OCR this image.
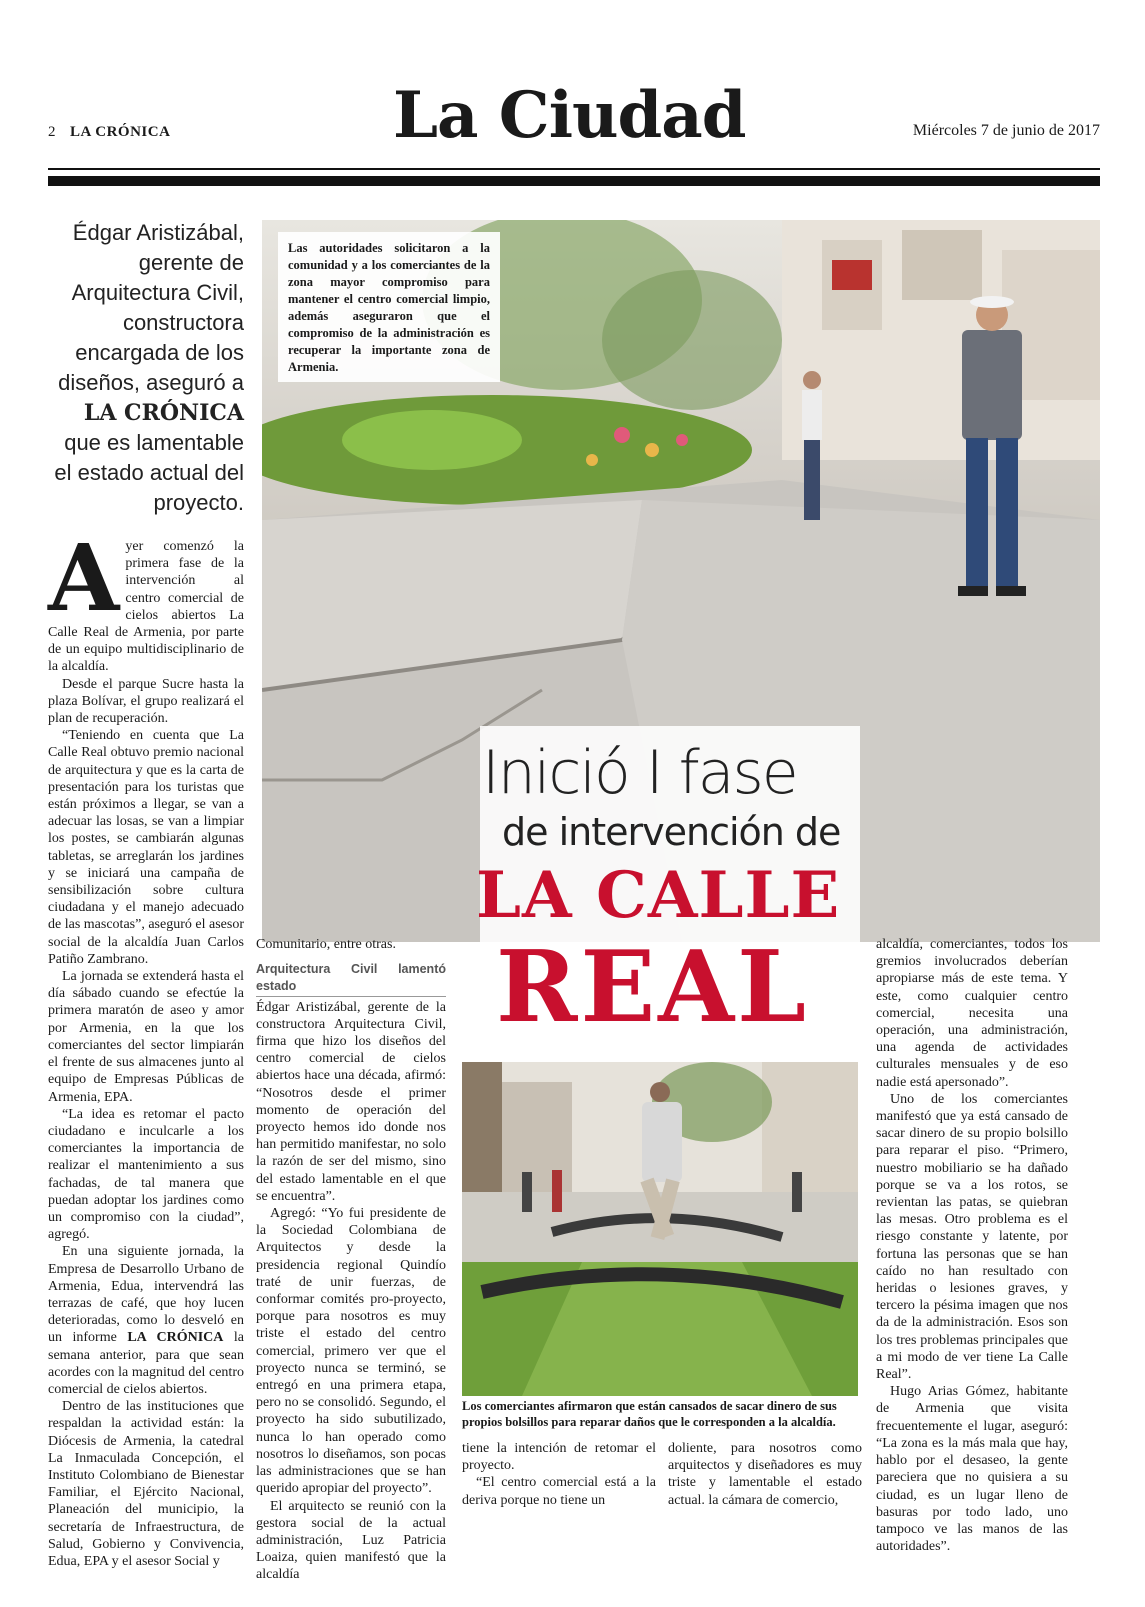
2 LA CRÓNICA	La Ciudad	Miércoles 7 de junio de 2017
Édgar Aristizábal, gerente de Arquitectura Civil, constructora encargada de los diseños, aseguró a LA CRÓNICA que es lamentable el estado actual del proyecto.
Las autoridades solicitaron a la comunidad y a los comerciantes de la zona mayor compromiso para mantener el centro comercial limpio, además aseguraron que el compromiso de la administración es recuperar la importante zona de Armenia.
Inició I fase
de intervención de
LA CALLE
REAL
A yer comenzó la primera fase de la intervención al centro comercial de cielos abiertos La Calle Real de Armenia, por parte de un equipo multidisciplinario de la alcaldía.

Desde el parque Sucre hasta la plaza Bolívar, el grupo realizará el plan de recuperación.

“Teniendo en cuenta que La Calle Real obtuvo premio nacional de arquitectura y que es la carta de presentación para los turistas que están próximos a llegar, se van a adecuar las losas, se van a limpiar los postes, se cambiarán algunas tabletas, se arreglarán los jardines y se iniciará una campaña de sensibilización sobre cultura ciudadana y el manejo adecuado de las mascotas”, aseguró el asesor social de la alcaldía Juan Carlos Patiño Zambrano.

La jornada se extenderá hasta el día sábado cuando se efectúe la primera maratón de aseo y amor por Armenia, en la que los comerciantes del sector limpiarán el frente de sus almacenes junto al equipo de Empresas Públicas de Armenia, EPA.

“La idea es retomar el pacto ciudadano e inculcarle a los comerciantes la importancia de realizar el mantenimiento a sus fachadas, de tal manera que puedan adoptar los jardines como un compromiso con la ciudad”, agregó.

En una siguiente jornada, la Empresa de Desarrollo Urbano de Armenia, Edua, intervendrá las terrazas de café, que hoy lucen deterioradas, como lo desveló en un informe LA CRÓNICA la semana anterior, para que sean acordes con la magnitud del centro comercial de cielos abiertos.

Dentro de las instituciones que respaldan la actividad están: la Diócesis de Armenia, la catedral La Inmaculada Concepción, el Instituto Colombiano de Bienestar Familiar, el Ejército Nacional, Planeación del municipio, la secretaría de Infraestructura, de Salud, Gobierno y Convivencia, Edua, EPA y el asesor Social y

Comunitario, entre otras.

Arquitectura Civil lamentó estado

Édgar Aristizábal, gerente de la constructora Arquitectura Civil, firma que hizo los diseños del centro comercial de cielos abiertos hace una década, afirmó: “Nosotros desde el primer momento de operación del proyecto hemos ido donde nos han permitido manifestar, no solo la razón de ser del mismo, sino del estado lamentable en el que se encuentra”.

Agregó: “Yo fui presidente de la Sociedad Colombiana de Arquitectos y desde la presidencia regional Quindío traté de unir fuerzas, de conformar comités pro-proyecto, porque para nosotros es muy triste el estado del centro comercial, primero ver que el proyecto nunca se terminó, se entregó en una primera etapa, pero no se consolidó. Segundo, el proyecto ha sido subutilizado, nunca lo han operado como nosotros lo diseñamos, son pocas las administraciones que se han querido apropiar del proyecto”.

El arquitecto se reunió con la gestora social de la actual administración, Luz Patricia Loaiza, quien manifestó que la alcaldía

Los comerciantes afirmaron que están cansados de sacar dinero de sus propios bolsillos para reparar daños que le corresponden a la alcaldía.

tiene la intención de retomar el proyecto.

“El centro comercial está a la deriva porque no tiene un

doliente, para nosotros como arquitectos y diseñadores es muy triste y lamentable el estado actual. la cámara de comercio,

alcaldía, comerciantes, todos los gremios involucrados deberían apropiarse más de este tema. Y este, como cualquier centro comercial, necesita una operación, una administración, una agenda de actividades culturales mensuales y de eso nadie está apersonado”.

Uno de los comerciantes manifestó que ya está cansado de sacar dinero de su propio bolsillo para reparar el piso. “Primero, nuestro mobiliario se ha dañado porque se va a los rotos, se revientan las patas, se quiebran las mesas. Otro problema es el riesgo constante y latente, por fortuna las personas que se han caído no han resultado con heridas o lesiones graves, y tercero la pésima imagen que nos da de la administración. Esos son los tres problemas principales que a mi modo de ver tiene La Calle Real”.

Hugo Arias Gómez, habitante de Armenia que visita frecuentemente el lugar, aseguró: “La zona es la más mala que hay, hablo por el desaseo, la gente pareciera que no quisiera a su ciudad, es un lugar lleno de basuras por todo lado, uno tampoco ve las manos de las autoridades”.
